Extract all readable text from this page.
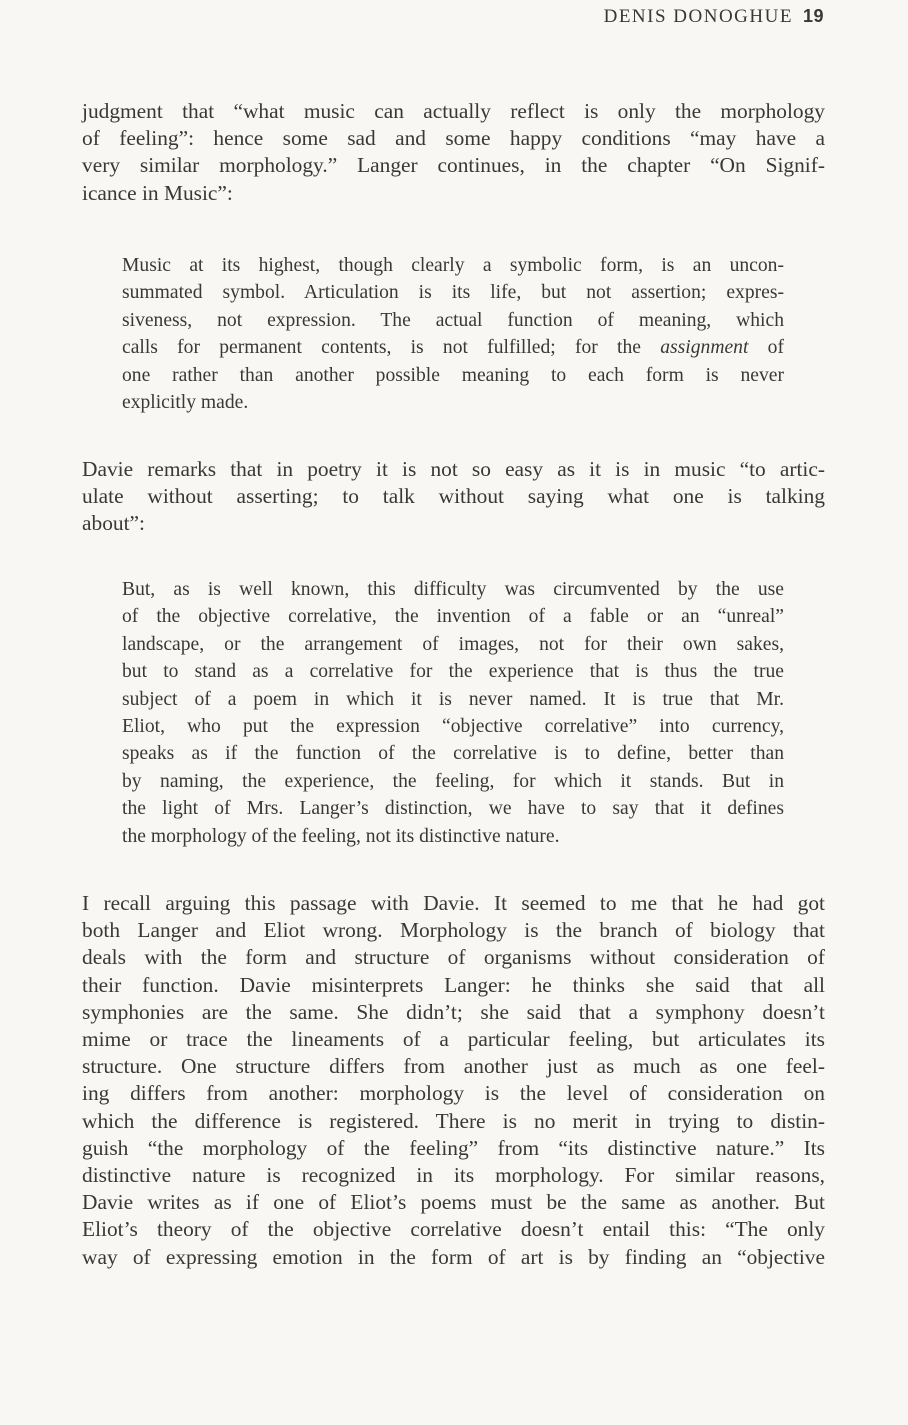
DENIS DONOGHUE 19

judgment that “what music can actually reflect is only the morphology
of feeling”: hence some sad and some happy conditions “may have a
very similar morphology.” Langer continues, in the chapter “On Signif-
icance in Music”:

Music at its highest, though clearly a symbolic form, is an uncon-
summated symbol. Articulation is its life, but not assertion; expres-
siveness, not expression. The actual function of meaning, which
calls for permanent contents, is not fulfilled; for the assignment of
one rather than another possible meaning to each form is never
explicitly made.

Davie remarks that in poetry it is not so easy as it is in music “to artic-
ulate without asserting; to talk without saying what one is talking
about”:

But, as is well known, this difficulty was circumvented by the use
of the objective correlative, the invention of a fable or an “unreal”
landscape, or the arrangement of images, not for their own sakes,
but to stand as a correlative for the experience that is thus the true
subject of a poem in which it is never named. It is true that Mr.
Eliot, who put the expression “objective correlative” into currency,
speaks as if the function of the correlative is to define, better than
by naming, the experience, the feeling, for which it stands. But in
the light of Mrs. Langer’s distinction, we have to say that it defines
the morphology of the feeling, not its distinctive nature.

I recall arguing this passage with Davie. It seemed to me that he had got
both Langer and Eliot wrong. Morphology is the branch of biology that
deals with the form and structure of organisms without consideration of
their function. Davie misinterprets Langer: he thinks she said that all
symphonies are the same. She didn’t; she said that a symphony doesn’t
mime or trace the lineaments of a particular feeling, but articulates its
structure. One structure differs from another just as much as one feel-
ing differs from another: morphology is the level of consideration on
which the difference is registered. There is no merit in trying to distin-
guish “the morphology of the feeling” from “its distinctive nature.” Its
distinctive nature is recognized in its morphology. For similar reasons,
Davie writes as if one of Eliot’s poems must be the same as another. But
Eliot’s theory of the objective correlative doesn’t entail this: “The only
way of expressing emotion in the form of art is by finding an “objective
